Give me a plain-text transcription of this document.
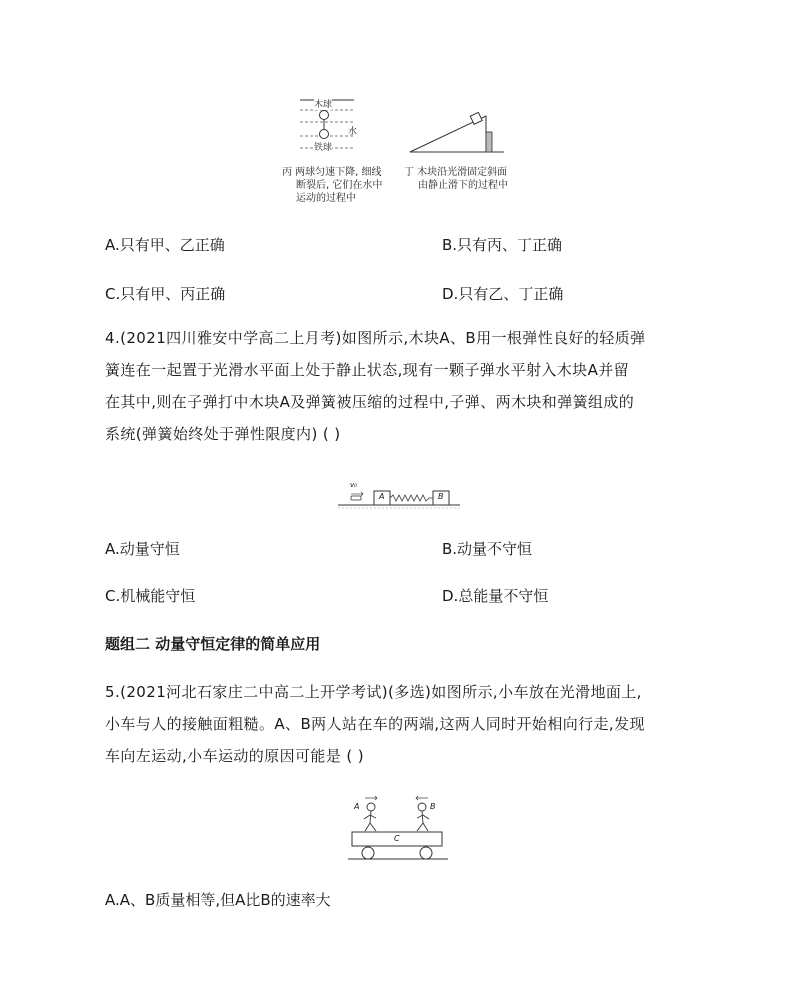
木球
水
铁球
丙 两球匀速下降, 细线
断裂后, 它们在水中
运动的过程中
丁 木块沿光滑固定斜面
由静止滑下的过程中
A.只有甲、乙正确	B.只有丙、丁正确
C.只有甲、丙正确	D.只有乙、丁正确
4.(2021四川雅安中学高二上月考)如图所示,木块A、B用一根弹性良好的轻质弹
簧连在一起置于光滑水平面上处于静止状态,现有一颗子弹水平射入木块A并留
在其中,则在子弹打中木块A及弹簧被压缩的过程中,子弹、两木块和弹簧组成的
系统(弹簧始终处于弹性限度内) ( )
v₀
A	B
A.动量守恒	B.动量不守恒
C.机械能守恒	D.总能量不守恒
题组二 动量守恒定律的简单应用
5.(2021河北石家庄二中高二上开学考试)(多选)如图所示,小车放在光滑地面上,
小车与人的接触面粗糙。A、B两人站在车的两端,这两人同时开始相向行走,发现
车向左运动,小车运动的原因可能是 ( )
A	B
C
A.A、B质量相等,但A比B的速率大
